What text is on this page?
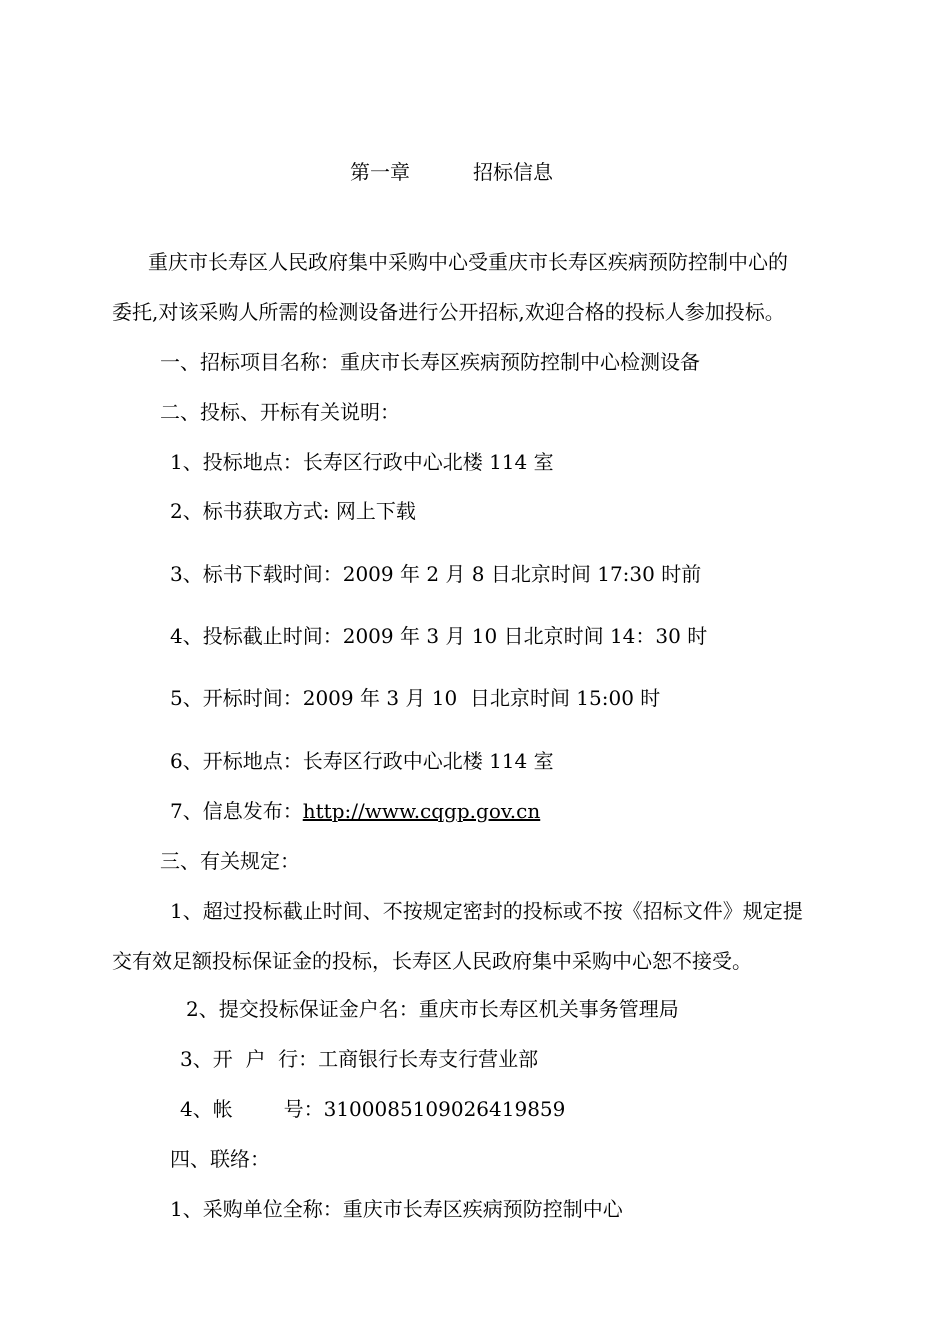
第一章	招标信息
重庆市长寿区人民政府集中采购中心受重庆市长寿区疾病预防控制中心的
委托,对该采购人所需的检测设备进行公开招标,欢迎合格的投标人参加投标。
一、招标项目名称：重庆市长寿区疾病预防控制中心检测设备
二、投标、开标有关说明：
1、投标地点：长寿区行政中心北楼 114 室
2、标书获取方式: 网上下载
3、标书下载时间：2009 年 2 月 8 日北京时间 17:30 时前
4、投标截止时间：2009 年 3 月 10 日北京时间 14：30 时
5、开标时间：2009 年 3 月 10  日北京时间 15:00 时
6、开标地点：长寿区行政中心北楼 114 室
7、信息发布：http://www.cqgp.gov.cn
三、有关规定：
1、超过投标截止时间、不按规定密封的投标或不按《招标文件》规定提
交有效足额投标保证金的投标，长寿区人民政府集中采购中心恕不接受。
2、提交投标保证金户名：重庆市长寿区机关事务管理局
3、开  户  行：工商银行长寿支行营业部
4、帐        号：3100085109026419859
四、联络：
1、采购单位全称：重庆市长寿区疾病预防控制中心
